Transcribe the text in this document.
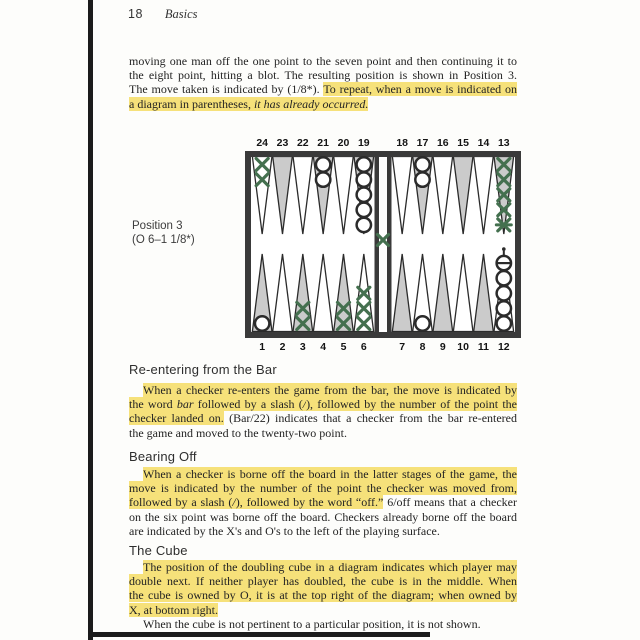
18 Basics
moving one man off the one point to the seven point and then continuing it to
the eight point, hitting a blot. The resulting position is shown in Position 3.
The move taken is indicated by (1/8*). To repeat, when a move is indicated on
a diagram in parentheses, it has already occurred.
Position 3
(O 6–1 1/8*)
24
1
23
2
22
3
21
4
20
5
19
6
18
7
17
8
16
9
15
10
14
11
13
12
Re-entering from the Bar
When a checker re-enters the game from the bar, the move is indicated by
the word bar followed by a slash (/), followed by the number of the point the
checker landed on. (Bar/22) indicates that a checker from the bar re-entered
the game and moved to the twenty-two point.
Bearing Off
When a checker is borne off the board in the latter stages of the game, the
move is indicated by the number of the point the checker was moved from,
followed by a slash (/), followed by the word “off.” 6/off means that a checker
on the six point was borne off the board. Checkers already borne off the board
are indicated by the X's and O's to the left of the playing surface.
The Cube
The position of the doubling cube in a diagram indicates which player may
double next. If neither player has doubled, the cube is in the middle. When
the cube is owned by O, it is at the top right of the diagram; when owned by
X, at bottom right.
When the cube is not pertinent to a particular position, it is not shown.
